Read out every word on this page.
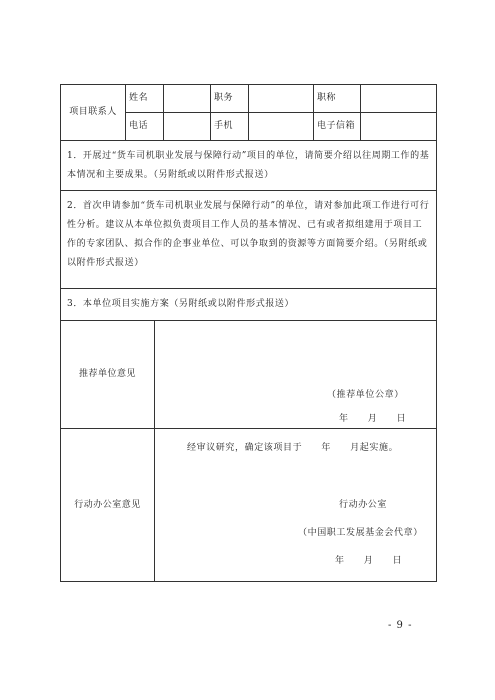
项目联系人
姓名	职务	职称
电话	手机	电子信箱
1．开展过“货车司机职业发展与保障行动”项目的单位，请简要介绍以往周期工作的基本情况和主要成果。（另附纸或以附件形式报送）
2．首次申请参加“货车司机职业发展与保障行动”的单位，请对参加此项工作进行可行性分析。建议从本单位拟负责项目工作人员的基本情况、已有或者拟组建用于项目工作的专家团队、拟合作的企事业单位、可以争取到的资源等方面简要介绍。（另附纸或以附件形式报送）
3．本单位项目实施方案（另附纸或以附件形式报送）
推荐单位意见
（推荐单位公章）
年　　月　　日
行动办公室意见
经审议研究，确定该项目于　　年　　月起实施。
行动办公室
（中国职工发展基金会代章）
年　　月　　日
- 9 -
